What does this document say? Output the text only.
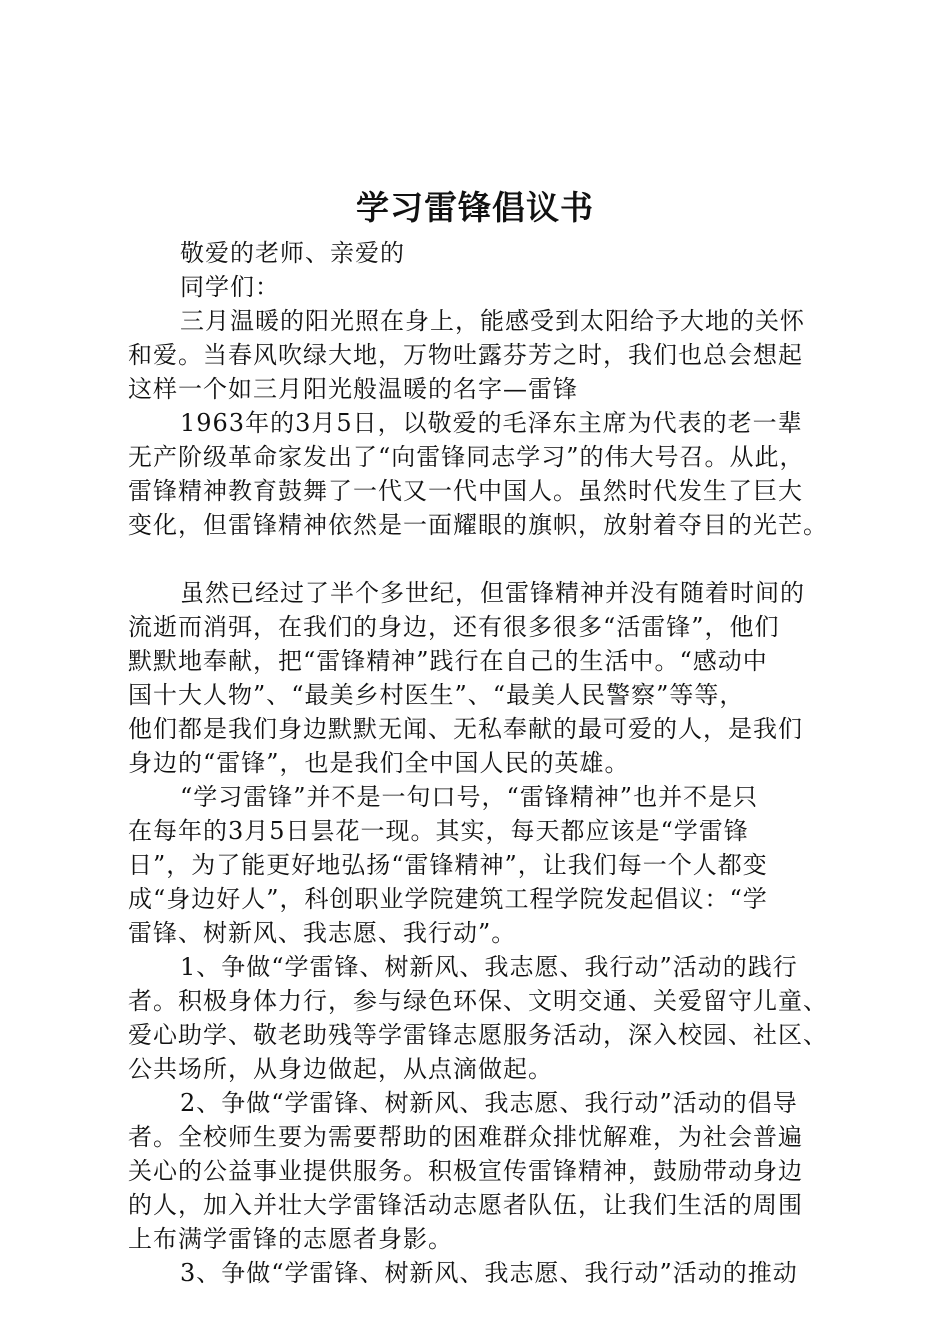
学习雷锋倡议书
敬爱的老师、亲爱的
同学们：
三月温暖的阳光照在身上，能感受到太阳给予大地的关怀
和爱。当春风吹绿大地，万物吐露芬芳之时，我们也总会想起
这样一个如三月阳光般温暖的名字—雷锋
1963年的3月5日，以敬爱的毛泽东主席为代表的老一辈
无产阶级革命家发出了“向雷锋同志学习”的伟大号召。从此，
雷锋精神教育鼓舞了一代又一代中国人。虽然时代发生了巨大
变化，但雷锋精神依然是一面耀眼的旗帜，放射着夺目的光芒。
虽然已经过了半个多世纪，但雷锋精神并没有随着时间的
流逝而消弭，在我们的身边，还有很多很多“活雷锋”，他们
默默地奉献，把“雷锋精神”践行在自己的生活中。“感动中
国十大人物”、“最美乡村医生”、“最美人民警察”等等，
他们都是我们身边默默无闻、无私奉献的最可爱的人，是我们
身边的“雷锋”，也是我们全中国人民的英雄。
“学习雷锋”并不是一句口号，“雷锋精神”也并不是只
在每年的3月5日昙花一现。其实，每天都应该是“学雷锋
日”，为了能更好地弘扬“雷锋精神”，让我们每一个人都变
成“身边好人”，科创职业学院建筑工程学院发起倡议：“学
雷锋、树新风、我志愿、我行动”。
1、争做“学雷锋、树新风、我志愿、我行动”活动的践行
者。积极身体力行，参与绿色环保、文明交通、关爱留守儿童、
爱心助学、敬老助残等学雷锋志愿服务活动，深入校园、社区、
公共场所，从身边做起，从点滴做起。
2、争做“学雷锋、树新风、我志愿、我行动”活动的倡导
者。全校师生要为需要帮助的困难群众排忧解难，为社会普遍
关心的公益事业提供服务。积极宣传雷锋精神，鼓励带动身边
的人，加入并壮大学雷锋活动志愿者队伍，让我们生活的周围
上布满学雷锋的志愿者身影。
3、争做“学雷锋、树新风、我志愿、我行动”活动的推动
